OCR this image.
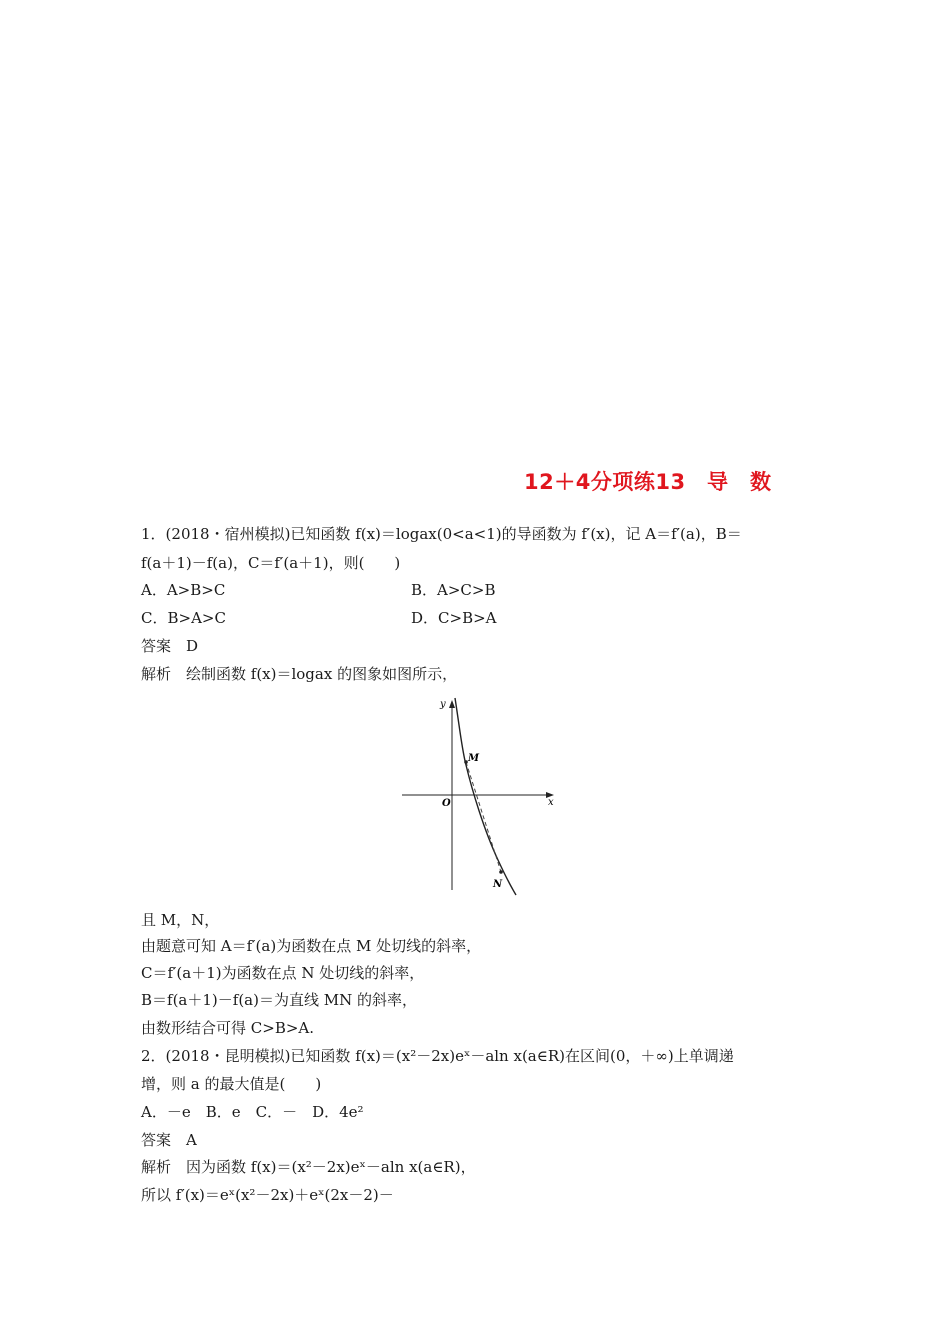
12＋4分项练13　导　数
1．(2018・宿州模拟)已知函数 f(x)＝logax(0<a<1)的导函数为 f′(x)，记 A＝f′(a)，B＝
f(a＋1)－f(a)，C＝f′(a＋1)，则(　　)
A．A>B>C	B．A>C>B
C．B>A>C	D．C>B>A
答案　D
解析　绘制函数 f(x)＝logax 的图象如图所示，
y
x
O
M
N
且 M，N，
由题意可知 A＝f′(a)为函数在点 M 处切线的斜率，
C＝f′(a＋1)为函数在点 N 处切线的斜率，
B＝f(a＋1)－f(a)＝为直线 MN 的斜率，
由数形结合可得 C>B>A.
2．(2018・昆明模拟)已知函数 f(x)＝(x²－2x)eˣ－aln x(a∈R)在区间(0，＋∞)上单调递
增，则 a 的最大值是(　　)
A．－e　B．e　C．－　D．4e²
答案　A
解析　因为函数 f(x)＝(x²－2x)eˣ－aln x(a∈R)，
所以 f′(x)＝eˣ(x²－2x)＋eˣ(2x－2)－
